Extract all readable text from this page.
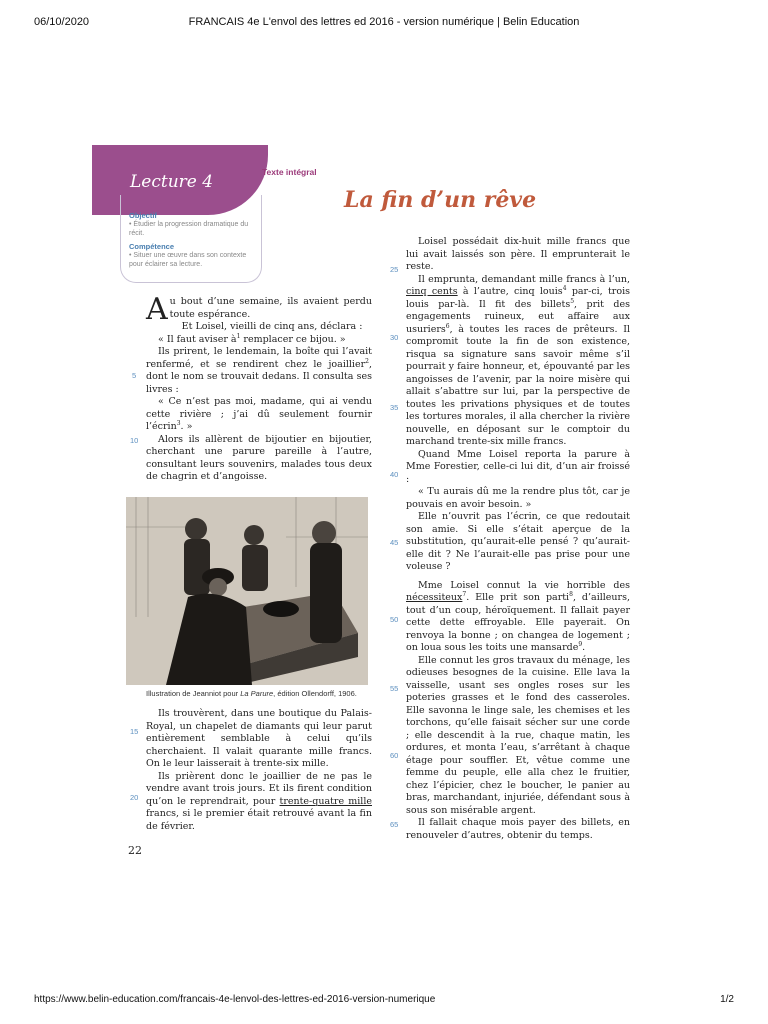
06/10/2020	FRANCAIS 4e L'envol des lettres ed 2016 - version numérique | Belin Education
https://www.belin-education.com/francais-4e-lenvol-des-lettres-ed-2016-version-numerique	1/2
Lecture 4	Texte intégral
La fin d’un rêve
Objectif
• Étudier la progression dramatique du récit.
Compétence
• Situer une œuvre dans son contexte pour éclairer sa lecture.

Au bout d’une semaine, ils avaient perdu toute espérance.

Et Loisel, vieilli de cinq ans, déclara :

« Il faut aviser $à^1$ remplacer ce bijou. »

Ils prirent, le lendemain, la boîte qui l’avait renfermé, et se rendirent chez le joaillier$^2$, dont le nom se trouvait dedans. Il consulta ses livres :

« Ce n’est pas moi, madame, qui ai vendu cette rivière ; j’ai dû seulement fournir l’écrin$^3$. »

Alors ils allèrent de bijoutier en bijoutier, cherchant une parure pareille à l’autre, consultant leurs souvenirs, malades tous deux de chagrin et d’angoisse.

Illustration de Jeanniot pour La Parure, édition Ollendorff, 1906.

Ils trouvèrent, dans une boutique du Palais-Royal, un chapelet de diamants qui leur parut entièrement semblable à celui qu’ils cherchaient. Il valait quarante mille francs. On le leur laisserait à trente-six mille.

Ils prièrent donc le joaillier de ne pas le vendre avant trois jours. Et ils firent condition qu’on le reprendrait, pour trente-quatre mille francs, si le premier était retrouvé avant la fin de février.

Loisel possédait dix-huit mille francs que lui avait laissés son père. Il emprunterait le reste.

Il emprunta, demandant mille francs à l’un, cinq cents à l’autre, cinq louis$^4$ par-ci, trois louis par-là. Il fit des billets$^5$, prit des engagements ruineux, eut affaire aux usuriers$^6$, à toutes les races de prêteurs. Il compromit toute la fin de son existence, risqua sa signature sans savoir même s’il pourrait y faire honneur, et, épouvanté par les angoisses de l’avenir, par la noire misère qui allait s’abattre sur lui, par la perspective de toutes les privations physiques et de toutes les tortures morales, il alla chercher la rivière nouvelle, en déposant sur le comptoir du marchand trente-six mille francs.

Quand Mme Loisel reporta la parure à Mme Forestier, celle-ci lui dit, d’un air froissé :

« Tu aurais dû me la rendre plus tôt, car je pouvais en avoir besoin. »

Elle n’ouvrit pas l’écrin, ce que redoutait son amie. Si elle s’était aperçue de la substitution, qu’aurait-elle pensé ? qu’aurait-elle dit ? Ne l’aurait-elle pas prise pour une voleuse ?

Mme Loisel connut la vie horrible des nécessiteux$^7$. Elle prit son parti$^8$, d’ailleurs, tout d’un coup, héroïquement. Il fallait payer cette dette effroyable. Elle payerait. On renvoya la bonne ; on changea de logement ; on loua sous les toits une mansarde$^9$.

Elle connut les gros travaux du ménage, les odieuses besognes de la cuisine. Elle lava la vaisselle, usant ses ongles roses sur les poteries grasses et le fond des casseroles. Elle savonna le linge sale, les chemises et les torchons, qu’elle faisait sécher sur une corde ; elle descendit à la rue, chaque matin, les ordures, et monta l’eau, s’arrêtant à chaque étage pour souffler. Et, vêtue comme une femme du peuple, elle alla chez le fruitier, chez l’épicier, chez le boucher, le panier au bras, marchandant, injuriée, défendant sous à sous son misérable argent.

Il fallait chaque mois payer des billets, en renouveler d’autres, obtenir du temps.

5
10
15
20
25
30
35
40
45
50
55
60
65
22
